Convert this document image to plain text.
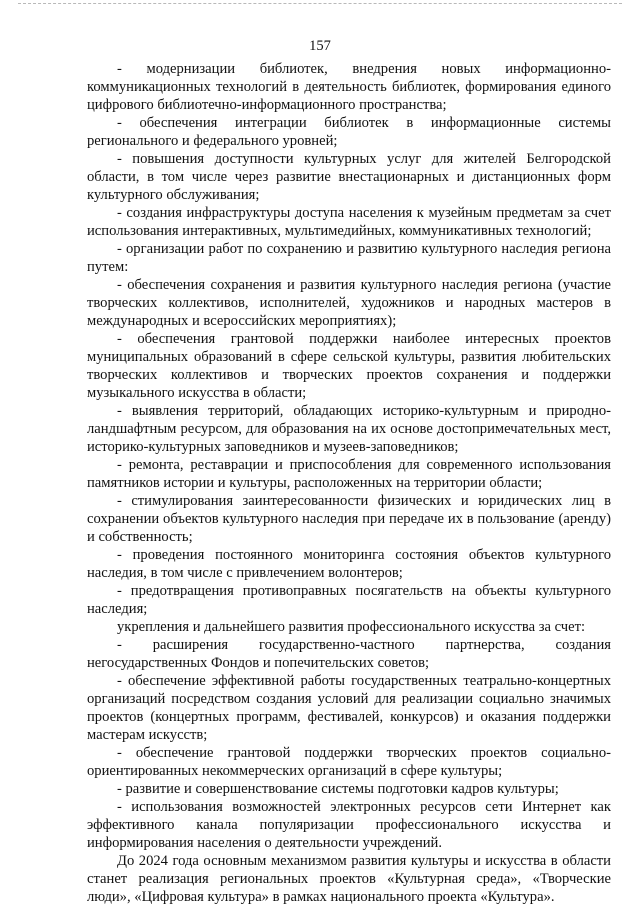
157

- модернизации библиотек, внедрения новых информационно-коммуникационных технологий в деятельность библиотек, формирования единого цифрового библиотечно-информационного пространства;

- обеспечения интеграции библиотек в информационные системы регионального и федерального уровней;

- повышения доступности культурных услуг для жителей Белгородской области, в том числе через развитие внестационарных и дистанционных форм культурного обслуживания;

- создания инфраструктуры доступа населения к музейным предметам за счет использования интерактивных, мультимедийных, коммуникативных технологий;

- организации работ по сохранению и развитию культурного наследия региона путем:

- обеспечения сохранения и развития культурного наследия региона (участие творческих коллективов, исполнителей, художников и народных мастеров в международных и всероссийских мероприятиях);

- обеспечения грантовой поддержки наиболее интересных проектов муниципальных образований в сфере сельской культуры, развития любительских творческих коллективов и творческих проектов сохранения и поддержки музыкального искусства в области;

- выявления территорий, обладающих историко-культурным и природно-ландшафтным ресурсом, для образования на их основе достопримечательных мест, историко-культурных заповедников и музеев-заповедников;

- ремонта, реставрации и приспособления для современного использования памятников истории и культуры, расположенных на территории области;

- стимулирования заинтересованности физических и юридических лиц в сохранении объектов культурного наследия при передаче их в пользование (аренду) и собственность;

- проведения постоянного мониторинга состояния объектов культурного наследия, в том числе с привлечением волонтеров;

- предотвращения противоправных посягательств на объекты культурного наследия;

укрепления и дальнейшего развития профессионального искусства за счет:

- расширения государственно-частного партнерства, создания негосударственных Фондов и попечительских советов;

- обеспечение эффективной работы государственных театрально-концертных организаций посредством создания условий для реализации социально значимых проектов (концертных программ, фестивалей, конкурсов) и оказания поддержки мастерам искусств;

- обеспечение грантовой поддержки творческих проектов социально-ориентированных некоммерческих организаций в сфере культуры;

- развитие и совершенствование системы подготовки кадров культуры;

- использования возможностей электронных ресурсов сети Интернет как эффективного канала популяризации профессионального искусства и информирования населения о деятельности учреждений.

До 2024 года основным механизмом развития культуры и искусства в области станет реализация региональных проектов «Культурная среда», «Творческие люди», «Цифровая культура» в рамках национального проекта «Культура».
